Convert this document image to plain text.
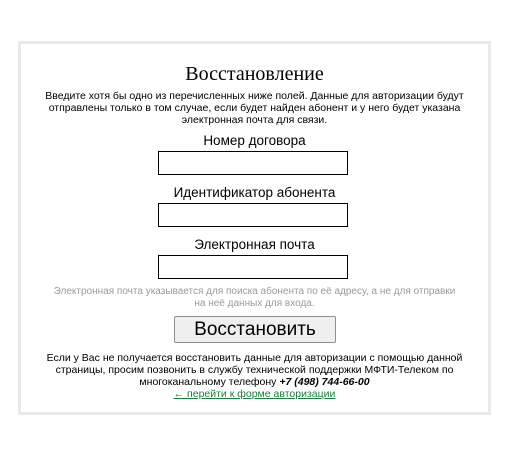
Восстановление
Введите хотя бы одно из перечисленных ниже полей. Данные для авторизации будут отправлены только в том случае, если будет найден абонент и у него будет указана электронная почта для связи.
Номер договора
Идентификатор абонента
Электронная почта
Электронная почта указывается для поиска абонента по её адресу, а не для отправки на неё данных для входа.
Восстановить
Если у Вас не получается восстановить данные для авторизации с помощью данной страницы, просим позвонить в службу технической поддержки МФТИ-Телеком по многоканальному телефону +7 (498) 744-66-00
← перейти к форме авторизации
